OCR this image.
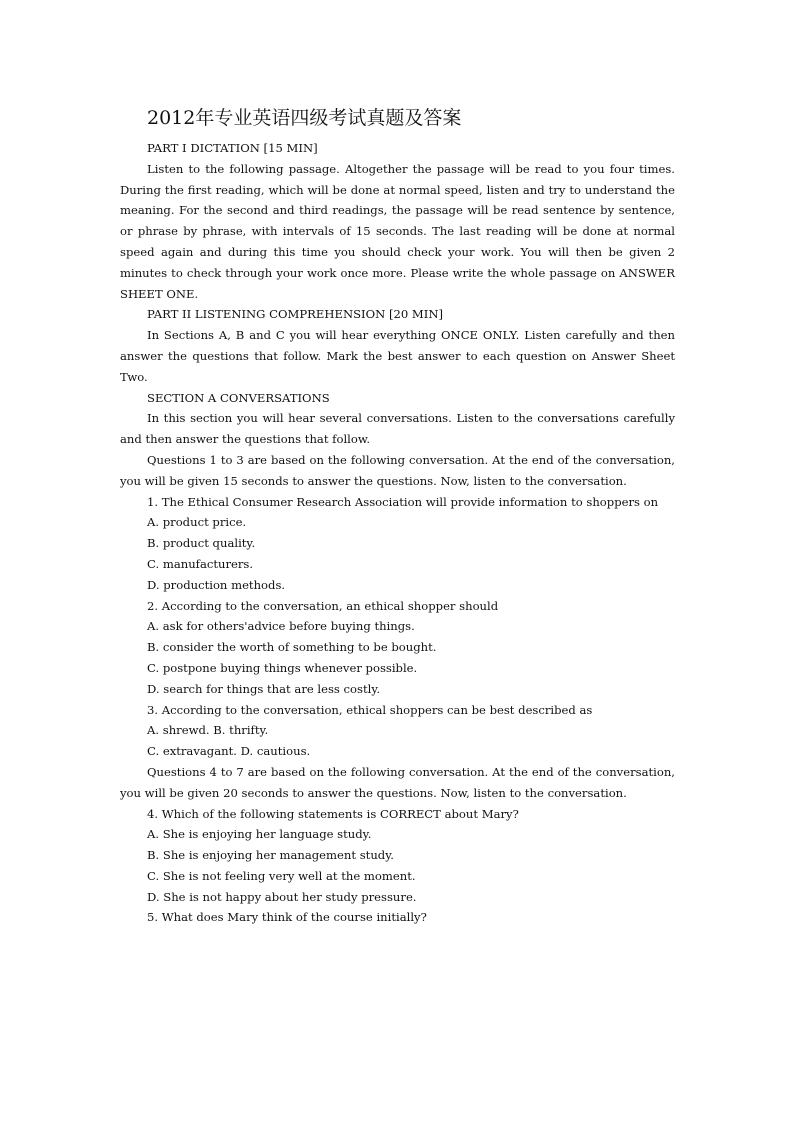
2012年专业英语四级考试真题及答案
PART I DICTATION [15 MIN]
Listen to the following passage. Altogether the passage will be read to you four times. During the first reading, which will be done at normal speed, listen and try to understand the meaning. For the second and third readings, the passage will be read sentence by sentence, or phrase by phrase, with intervals of 15 seconds. The last reading will be done at normal speed again and during this time you should check your work. You will then be given 2 minutes to check through your work once more. Please write the whole passage on ANSWER SHEET ONE.
PART II LISTENING COMPREHENSION [20 MIN]
In Sections A, B and C you will hear everything ONCE ONLY. Listen carefully and then answer the questions that follow. Mark the best answer to each question on Answer Sheet Two.
SECTION A CONVERSATIONS
In this section you will hear several conversations. Listen to the conversations carefully and then answer the questions that follow.
Questions 1 to 3 are based on the following conversation. At the end of the conversation, you will be given 15 seconds to answer the questions. Now, listen to the conversation.
1. The Ethical Consumer Research Association will provide information to shoppers on
A. product price.
B. product quality.
C. manufacturers.
D. production methods.
2. According to the conversation, an ethical shopper should
A. ask for others'advice before buying things.
B. consider the worth of something to be bought.
C. postpone buying things whenever possible.
D. search for things that are less costly.
3. According to the conversation, ethical shoppers can be best described as
A. shrewd. B. thrifty.
C. extravagant. D. cautious.
Questions 4 to 7 are based on the following conversation. At the end of the conversation, you will be given 20 seconds to answer the questions. Now, listen to the conversation.
4. Which of the following statements is CORRECT about Mary?
A. She is enjoying her language study.
B. She is enjoying her management study.
C. She is not feeling very well at the moment.
D. She is not happy about her study pressure.
5. What does Mary think of the course initially?
